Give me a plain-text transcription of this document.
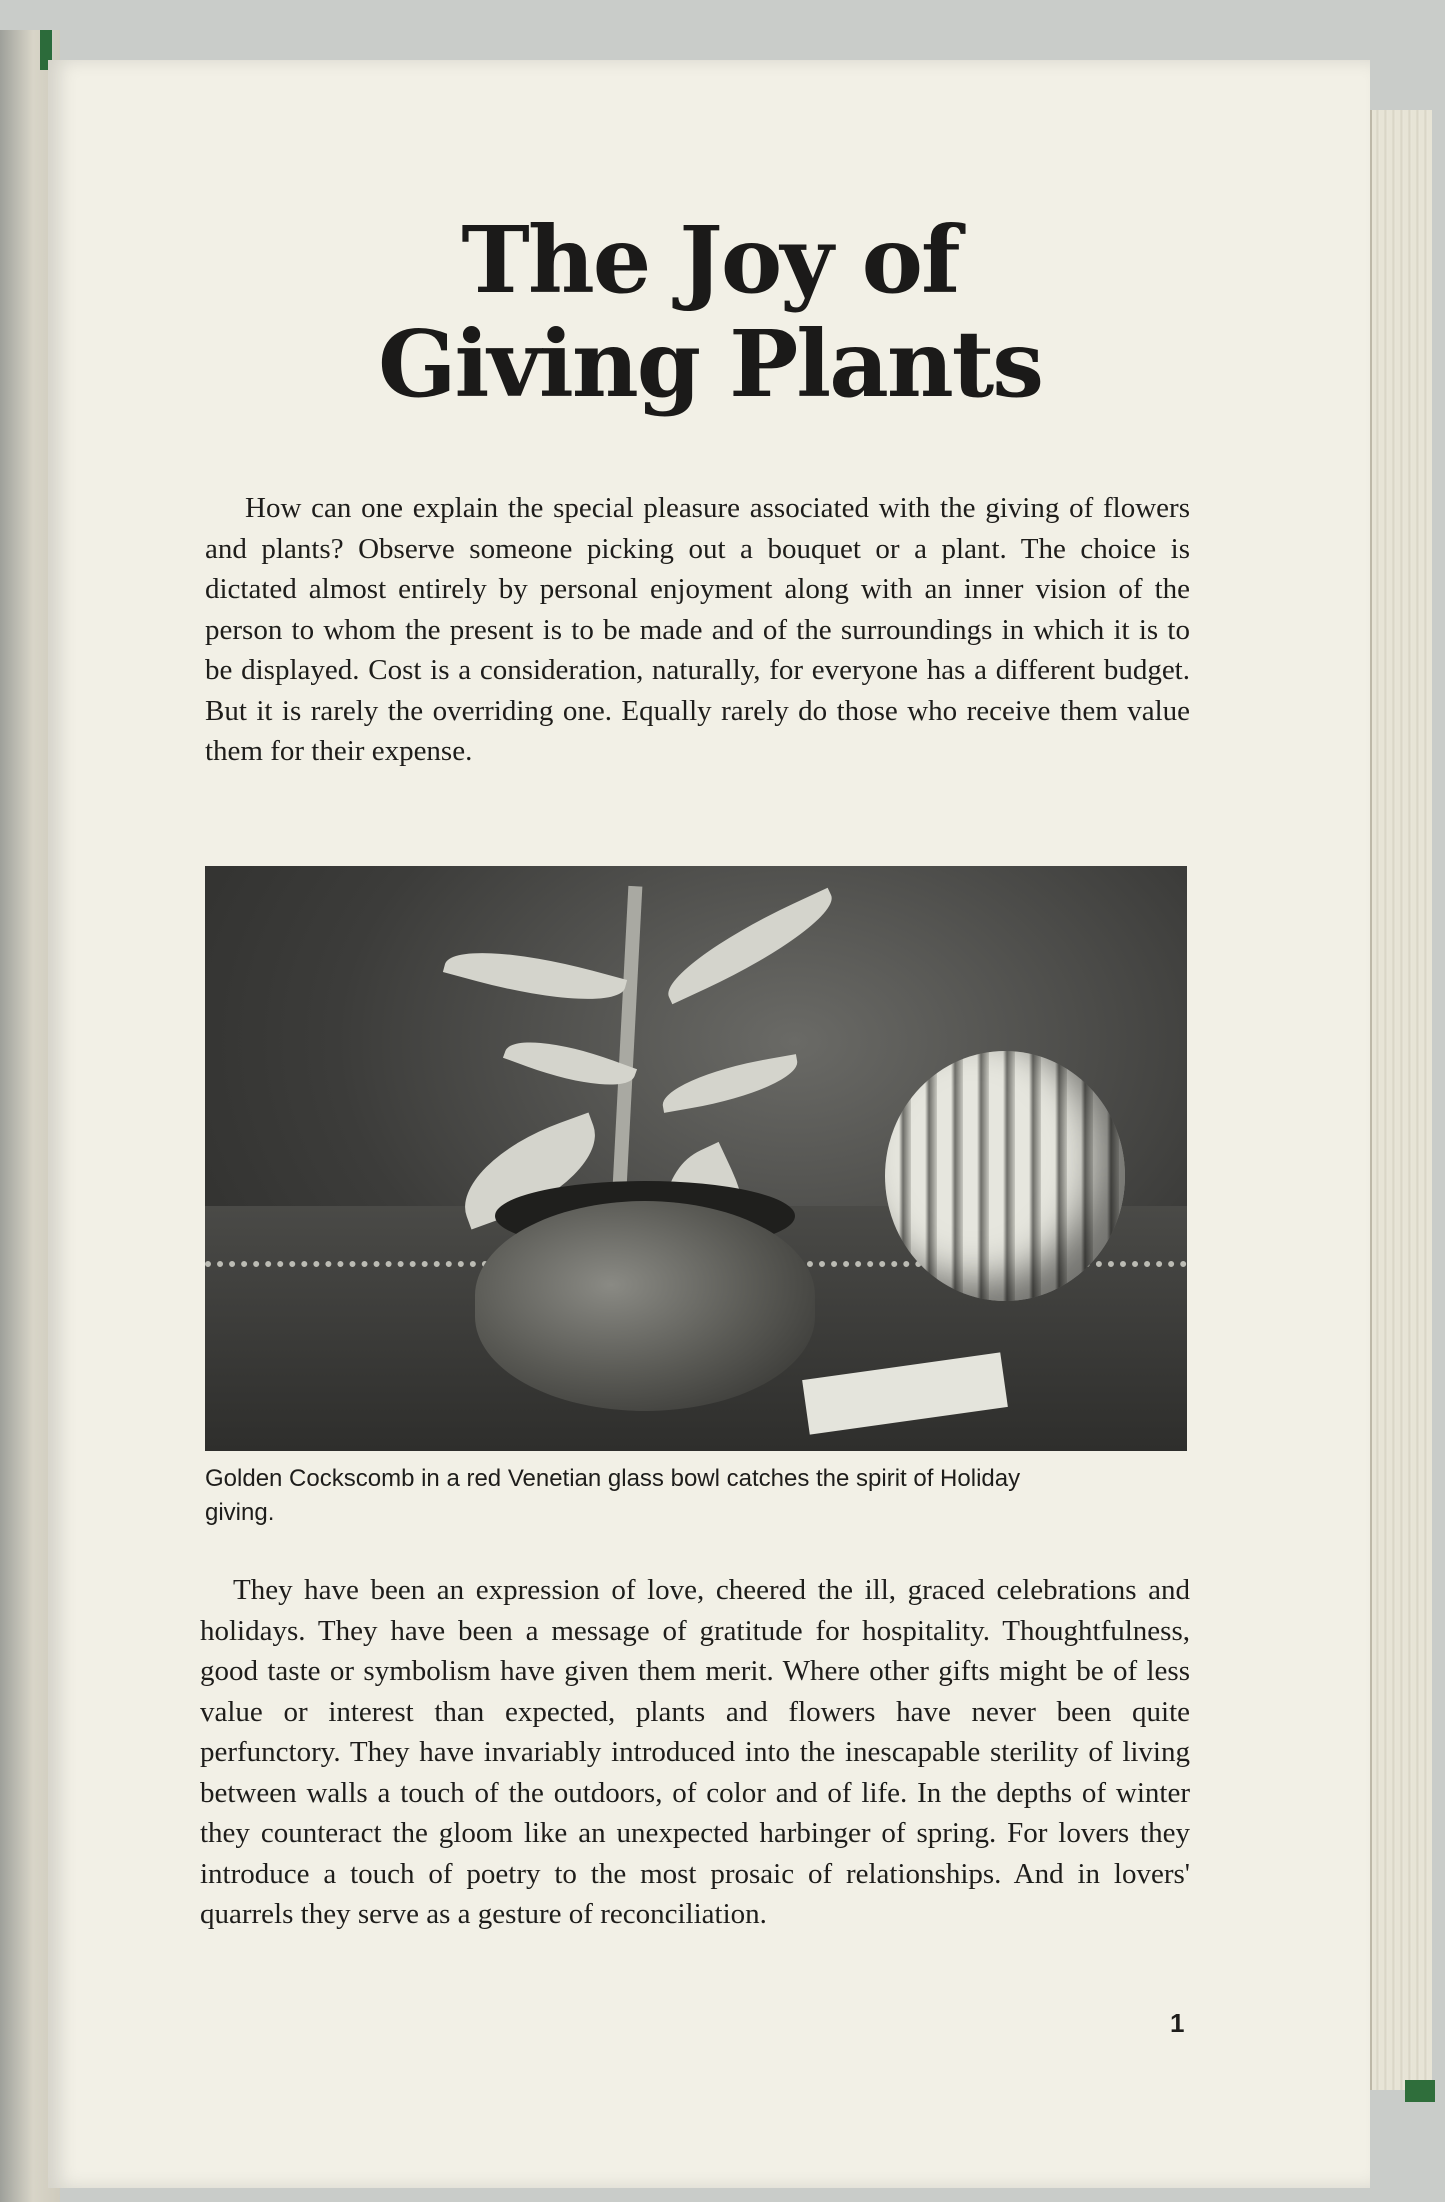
The Joy of
Giving Plants

How can one explain the special pleasure associated with the giving of flowers and plants? Observe someone picking out a bouquet or a plant. The choice is dictated almost entirely by personal enjoyment along with an inner vision of the person to whom the present is to be made and of the surroundings in which it is to be displayed. Cost is a consideration, naturally, for everyone has a different budget. But it is rarely the overriding one. Equally rarely do those who receive them value them for their expense.

Golden Cockscomb in a red Venetian glass bowl catches the spirit of Holiday giving.

They have been an expression of love, cheered the ill, graced celebrations and holidays. They have been a message of gratitude for hospitality. Thoughtfulness, good taste or symbolism have given them merit. Where other gifts might be of less value or interest than expected, plants and flowers have never been quite perfunctory. They have invariably introduced into the inescapable sterility of living between walls a touch of the outdoors, of color and of life. In the depths of winter they counteract the gloom like an unexpected harbinger of spring. For lovers they introduce a touch of poetry to the most prosaic of relationships. And in lovers' quarrels they serve as a gesture of reconciliation.

1
